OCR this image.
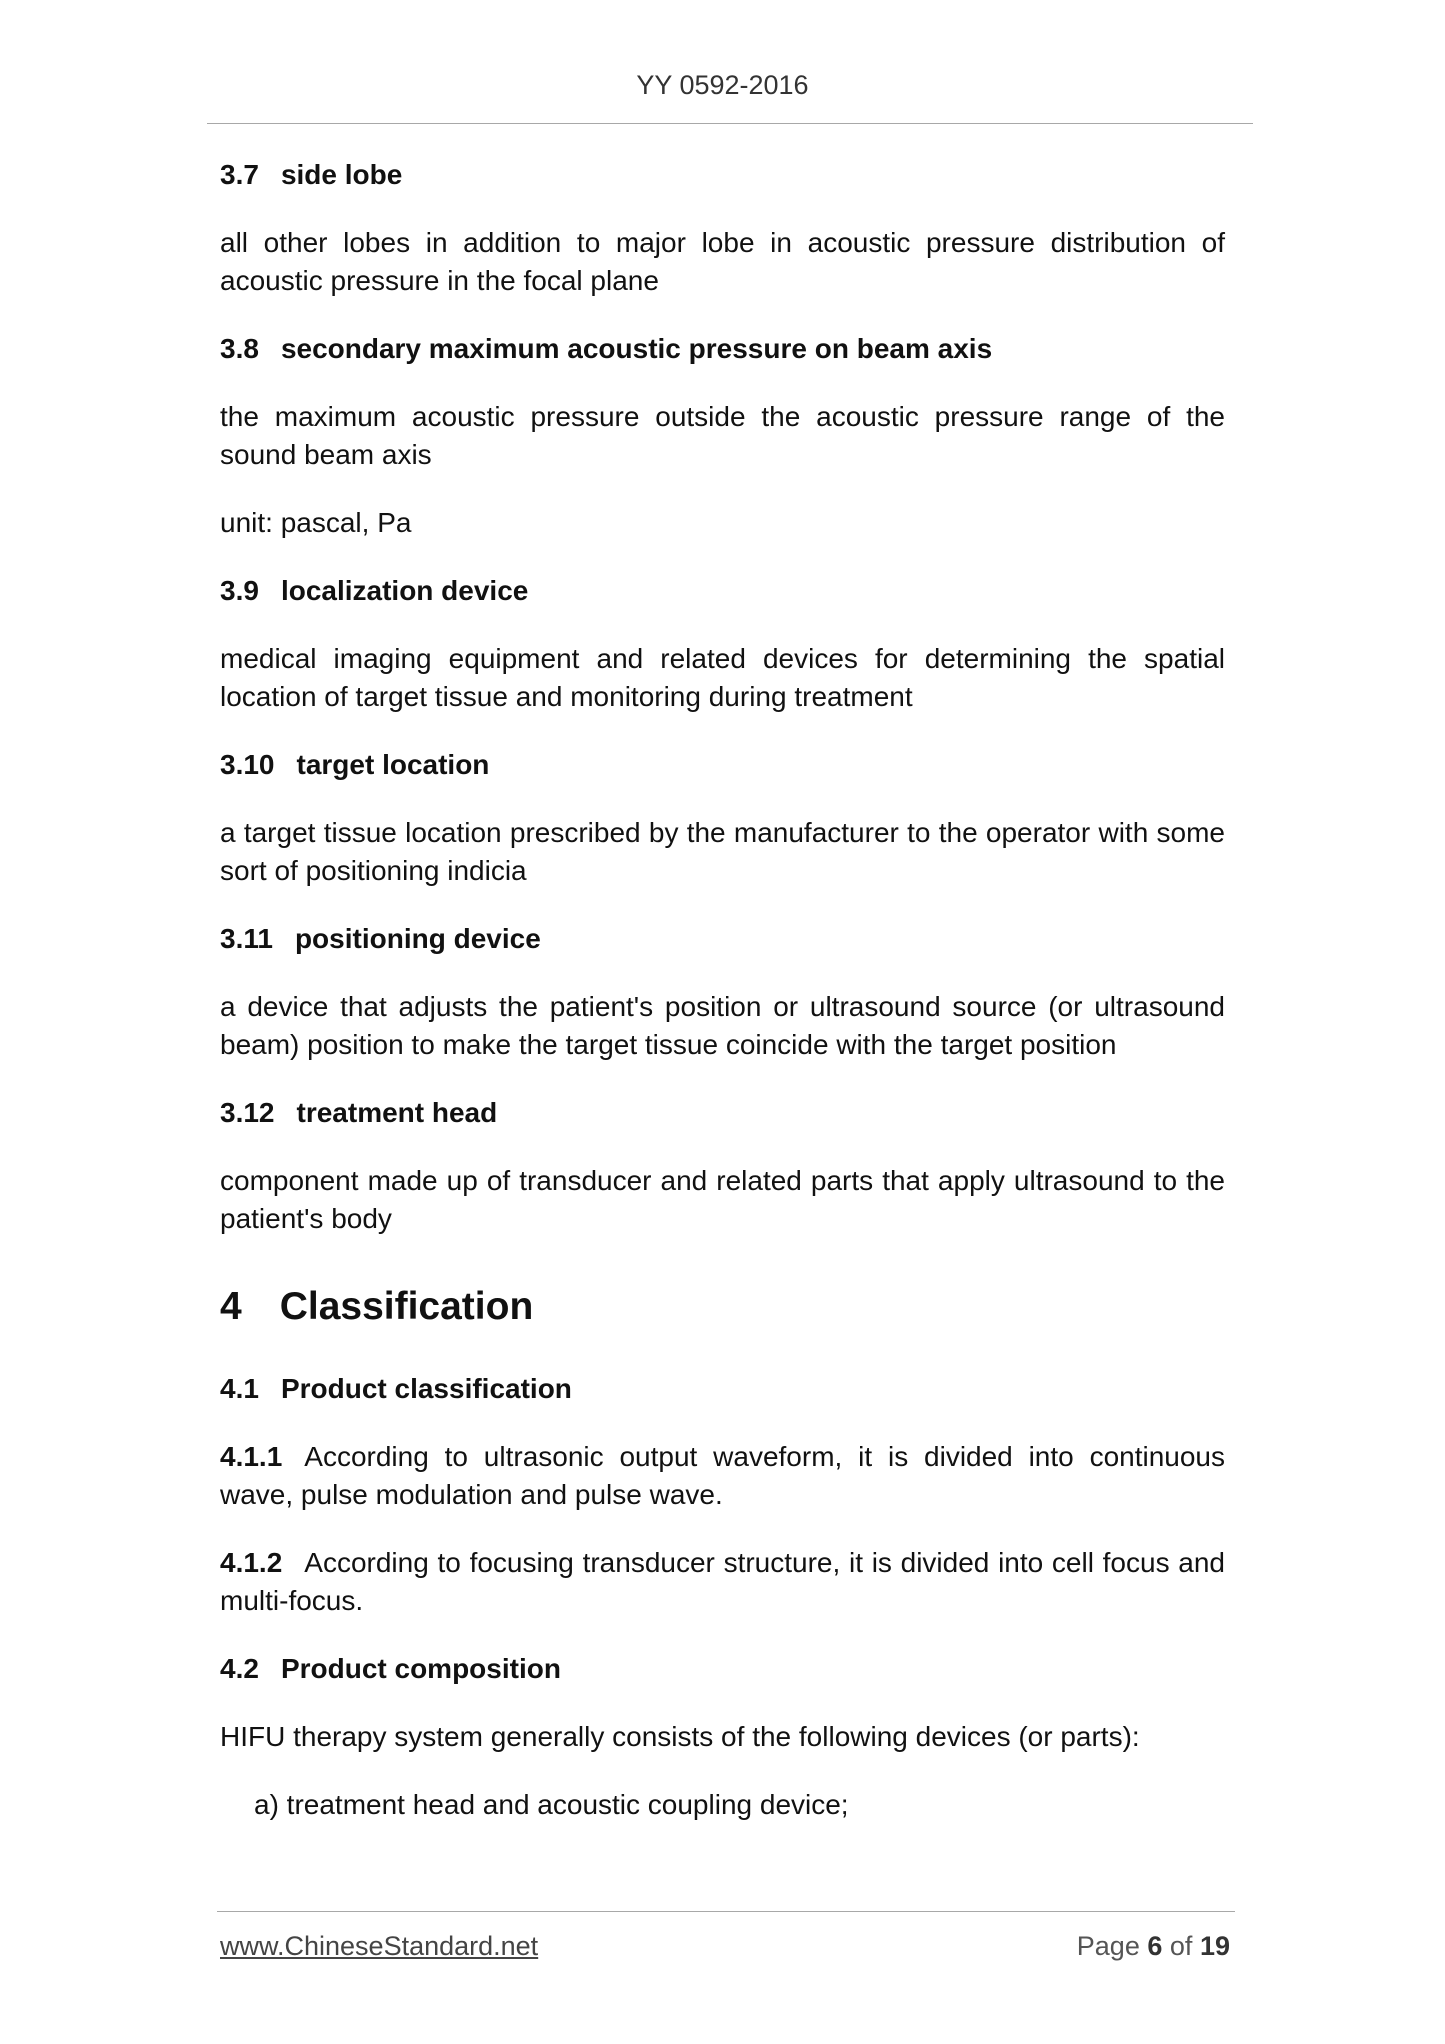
YY 0592-2016
3.7 side lobe
all other lobes in addition to major lobe in acoustic pressure distribution of acoustic pressure in the focal plane
3.8 secondary maximum acoustic pressure on beam axis
the maximum acoustic pressure outside the acoustic pressure range of the sound beam axis
unit: pascal, Pa
3.9 localization device
medical imaging equipment and related devices for determining the spatial location of target tissue and monitoring during treatment
3.10 target location
a target tissue location prescribed by the manufacturer to the operator with some sort of positioning indicia
3.11 positioning device
a device that adjusts the patient's position or ultrasound source (or ultrasound beam) position to make the target tissue coincide with the target position
3.12 treatment head
component made up of transducer and related parts that apply ultrasound to the patient's body
4 Classification
4.1 Product classification
4.1.1 According to ultrasonic output waveform, it is divided into continuous wave, pulse modulation and pulse wave.
4.1.2 According to focusing transducer structure, it is divided into cell focus and multi-focus.
4.2 Product composition
HIFU therapy system generally consists of the following devices (or parts):
a) treatment head and acoustic coupling device;
www.ChineseStandard.net	Page 6 of 19
